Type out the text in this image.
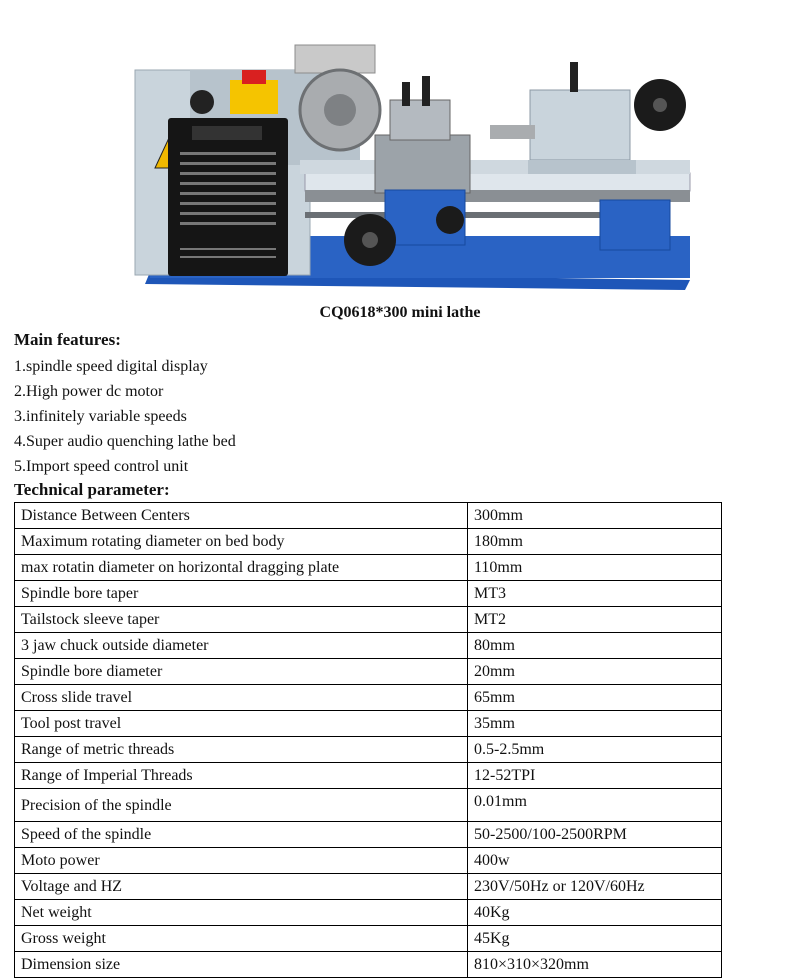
CQ0618*300 mini lathe
Main features:
1.spindle speed digital display
2.High power dc motor
3.infinitely variable speeds
4.Super audio quenching lathe bed
5.Import speed control unit
Technical parameter:
Distance Between Centers	300mm
Maximum rotating diameter on bed body	180mm
max rotatin diameter on horizontal dragging plate	110mm
Spindle bore taper	MT3
Tailstock sleeve taper	MT2
3 jaw chuck outside diameter	80mm
Spindle bore diameter	20mm
Cross slide travel	65mm
Tool post travel	35mm
Range of metric threads	0.5-2.5mm
Range of Imperial Threads	12-52TPI
Precision of the spindle	0.01mm
Speed of the spindle	50-2500/100-2500RPM
Moto power	400w
Voltage and HZ	230V/50Hz or 120V/60Hz
Net weight	40Kg
Gross weight	45Kg
Dimension size	810×310×320mm
